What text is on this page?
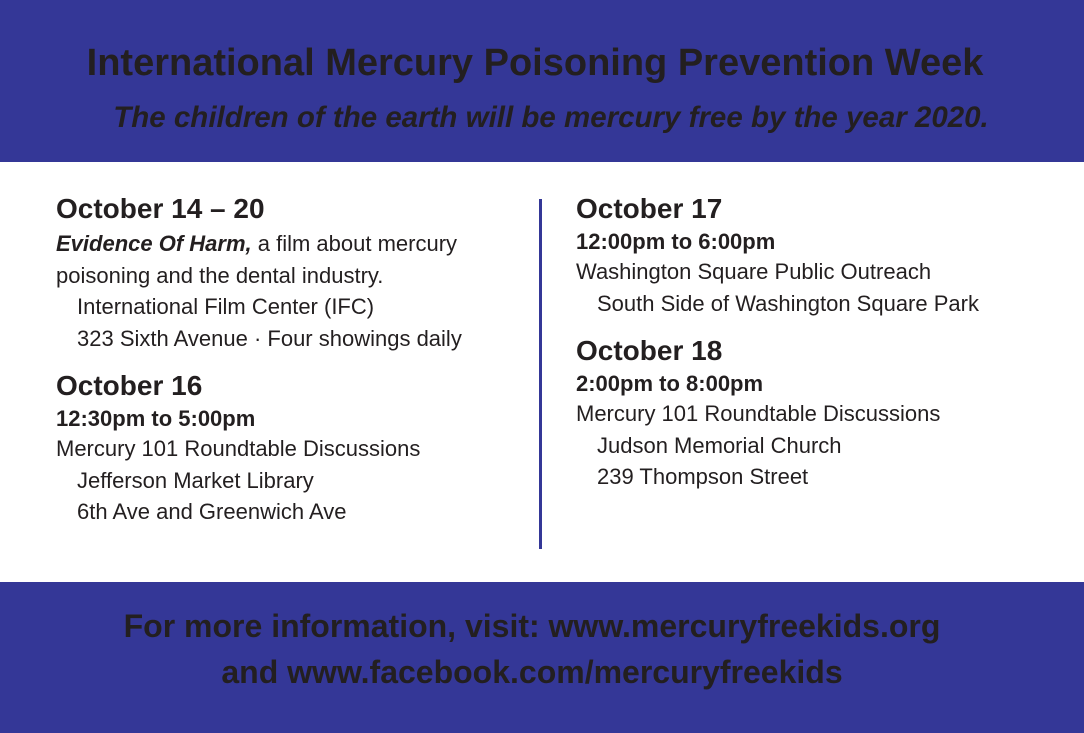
International Mercury Poisoning Prevention Week
The children of the earth will be mercury free by the year 2020.
October 14 – 20
Evidence Of Harm, a film about mercury
poisoning and the dental industry.
International Film Center (IFC)
323 Sixth Avenue · Four showings daily
October 16
12:30pm to 5:00pm
Mercury 101 Roundtable Discussions
Jefferson Market Library
6th Ave and Greenwich Ave
October 17
12:00pm to 6:00pm
Washington Square Public Outreach
South Side of Washington Square Park
October 18
2:00pm to 8:00pm
Mercury 101 Roundtable Discussions
Judson Memorial Church
239 Thompson Street
For more information, visit: www.mercuryfreekids.org
and www.facebook.com/mercuryfreekids
